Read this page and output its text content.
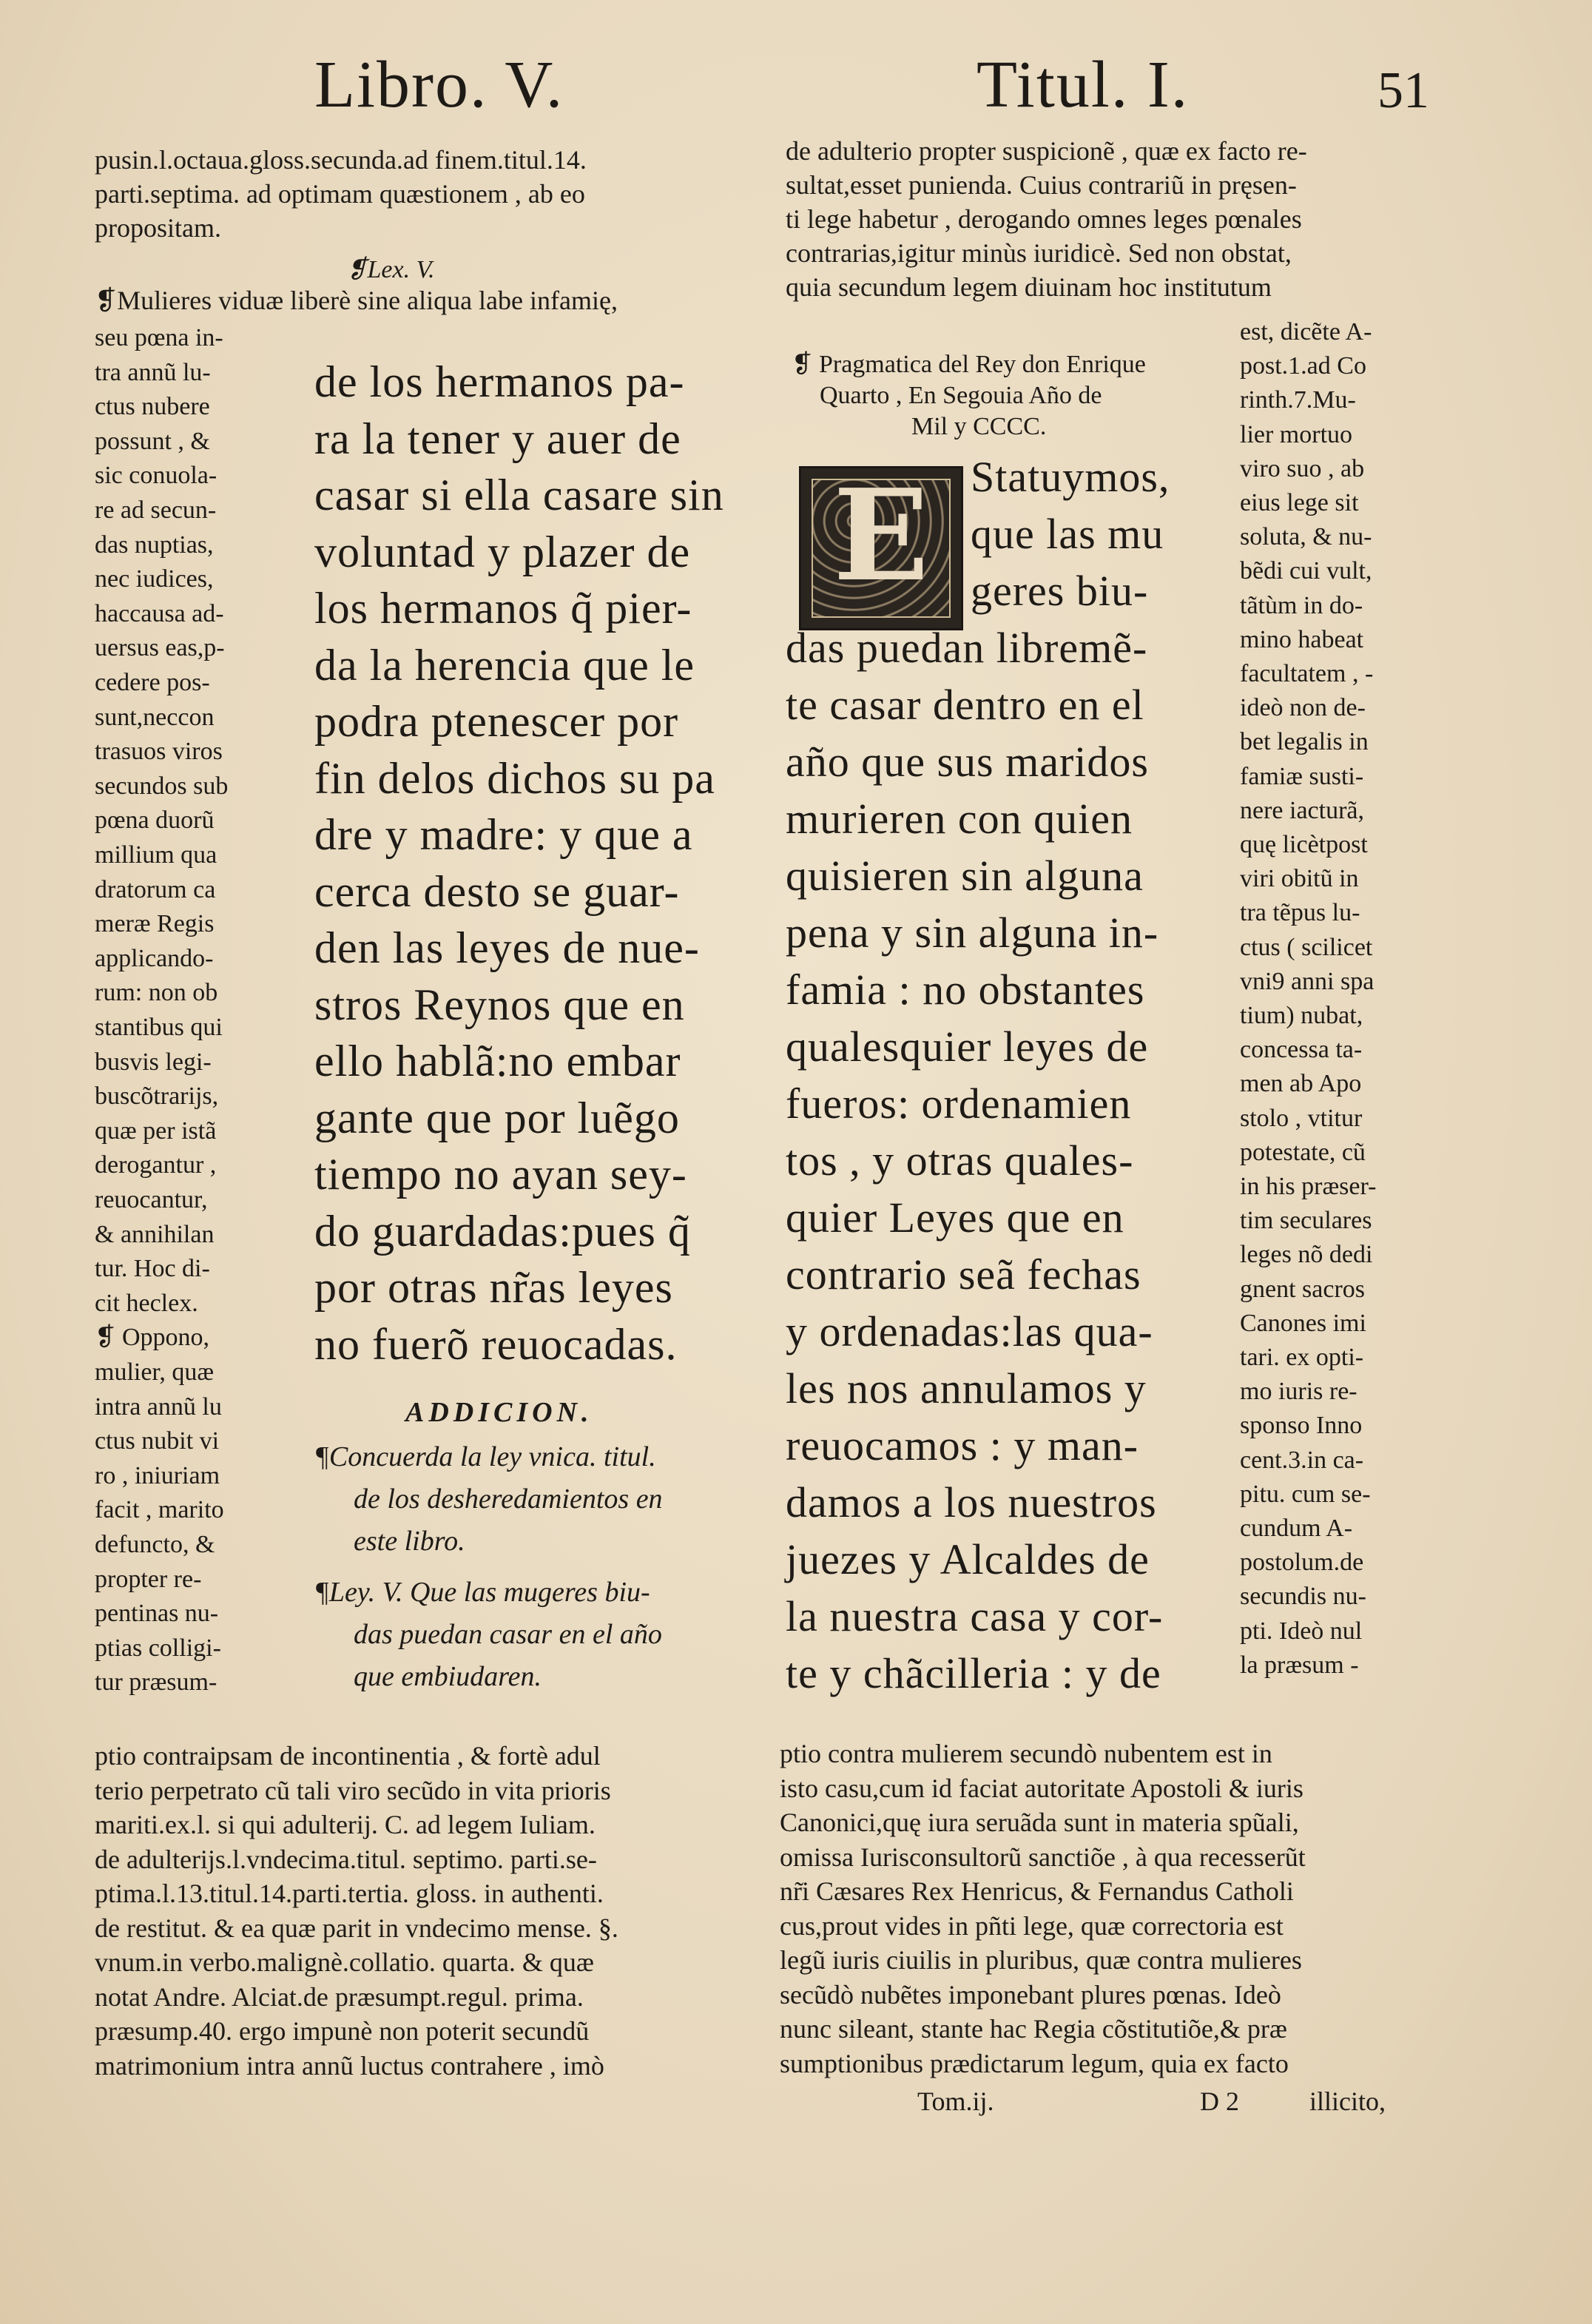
Libro. V.	Titul. I.	51
pusin.l.octaua.gloss.secunda.ad finem.titul.14.
parti.septima. ad optimam quæstionem , ab eo
propositam.
❡Lex. V.
❡Mulieres viduæ liberè sine aliqua labe infamię,
seu pœna in-
tra annũ lu-
ctus nubere
possunt , &
sic conuola-
re ad secun-
das nuptias,
nec iudices,
haccausa ad-
uersus eas,p-
cedere pos-
sunt,neccon
trasuos viros
secundos sub
pœna duorũ
millium qua
dratorum ca
meræ Regis
applicando-
rum: non ob
stantibus qui
busvis legi-
buscõtrarijs,
quæ per istã
derogantur ,
reuocantur,
& annihilan
tur. Hoc di-
cit heclex.
❡ Oppono,
mulier, quæ
intra annũ lu
ctus nubit vi
ro , iniuriam
facit , marito
defuncto, &
propter re-
pentinas nu-
ptias colligi-
tur præsum-
de los hermanos pa-
ra la tener y auer de
casar si ella casare sin
voluntad y plazer de
los hermanos q̃ pier-
da la herencia que le
podra ptenescer por
fin delos dichos su pa
dre y madre: y que a
cerca desto se guar-
den las leyes de nue-
stros Reynos que en
ello hablã:no embar
gante que por luẽgo
tiempo no ayan sey-
do guardadas:pues q̃
por otras nr̃as leyes
no fuerõ reuocadas.
ADDICION.
¶Concuerda la ley vnica. titul.
de los desheredamientos en
este libro.
¶Ley. V. Que las mugeres biu-
das puedan casar en el año
que embiudaren.
ptio contraipsam de incontinentia , & fortè adul
terio perpetrato cũ tali viro secũdo in vita prioris
mariti.ex.l. si qui adulterij. C. ad legem Iuliam.
de adulterijs.l.vndecima.titul. septimo. parti.se-
ptima.l.13.titul.14.parti.tertia. gloss. in authenti.
de restitut. & ea quæ parit in vndecimo mense. §.
vnum.in verbo.malignè.collatio. quarta. & quæ
notat Andre. Alciat.de præsumpt.regul. prima.
præsump.40. ergo impunè non poterit secundũ
matrimonium intra annũ luctus contrahere , imò
de adulterio propter suspicionẽ , quæ ex facto re-
sultat,esset punienda. Cuius contrariũ in pręsen-
ti lege habetur , derogando omnes leges pœnales
contrarias,igitur minùs iuridicè. Sed non obstat,
quia secundum legem diuinam hoc institutum
❡ Pragmatica del Rey don Enrique
Quarto , En Segouia Año de
Mil y CCCC.
E Statuymos,
que las mu
geres biu-
das puedan libremẽ-
te casar dentro en el
año que sus maridos
murieren con quien
quisieren sin alguna
pena y sin alguna in-
famia : no obstantes
qualesquier leyes de
fueros: ordenamien
tos , y otras quales-
quier Leyes que en
contrario seã fechas
y ordenadas:las qua-
les nos annulamos y
reuocamos : y man-
damos a los nuestros
juezes y Alcaldes de
la nuestra casa y cor-
te y chãcilleria : y de
est, dicẽte A-
post.1.ad Co
rinth.7.Mu-
lier mortuo
viro suo , ab
eius lege sit
soluta, & nu-
bẽdi cui vult,
tãtùm in do-
mino habeat
facultatem , -
ideò non de-
bet legalis in
famiæ susti-
nere iacturã,
quę licètpost
viri obitũ in
tra tẽpus lu-
ctus ( scilicet
vni9 anni spa
tium) nubat,
concessa ta-
men ab Apo
stolo , vtitur
potestate, cũ
in his præser-
tim seculares
leges nõ dedi
gnent sacros
Canones imi
tari. ex opti-
mo iuris re-
sponso Inno
cent.3.in ca-
pitu. cum se-
cundum A-
postolum.de
secundis nu-
pti. Ideò nul
la præsum -
ptio contra mulierem secundò nubentem est in
isto casu,cum id faciat autoritate Apostoli & iuris
Canonici,quę iura seruãda sunt in materia spũali,
omissa Iurisconsultorũ sanctiõe , à qua recesserũt
nr̃i Cæsares Rex Henricus, & Fernandus Catholi
cus,prout vides in pñti lege, quæ correctoria est
legũ iuris ciuilis in pluribus, quæ contra mulieres
secũdò nubẽtes imponebant plures pœnas. Ideò
nunc sileant, stante hac Regia cõstitutiõe,& præ
sumptionibus prædictarum legum, quia ex facto
Tom.ij.	D 2	illicito,
